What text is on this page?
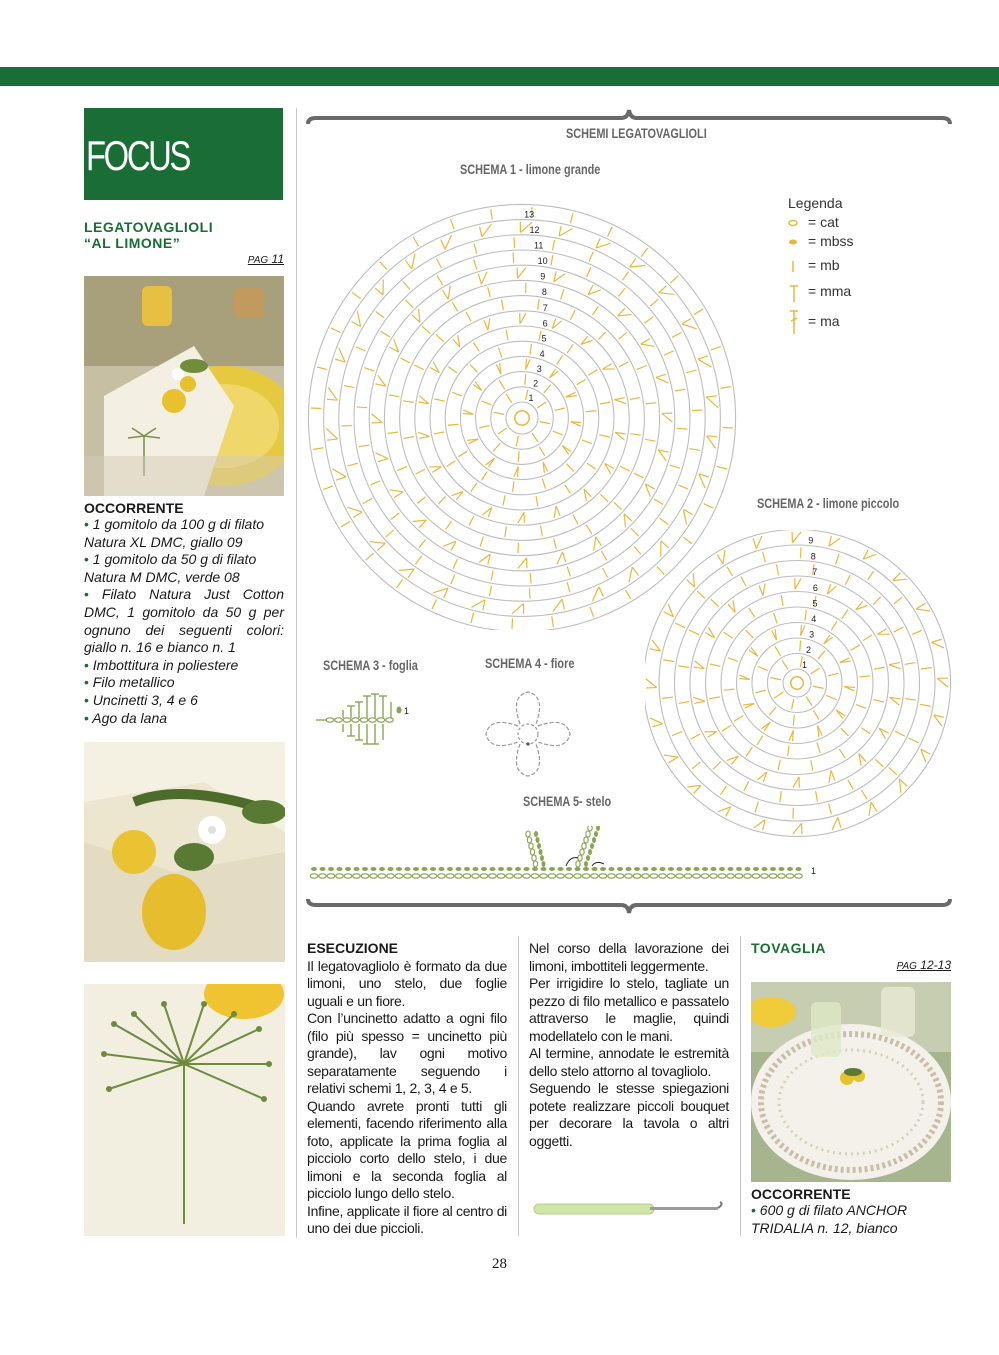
FOCUS
LEGATOVAGLIOLI
“AL LIMONE”
PAG 11
OCCORRENTE
• 1 gomitolo da 100 g di filato Natura XL DMC, giallo 09
• 1 gomitolo da 50 g di filato Natura M DMC, verde 08
• Filato Natura Just Cotton DMC, 1 gomitolo da 50 g per ognuno dei seguenti colori: giallo n. 16 e bianco n. 1
• Imbottitura in poliestere
• Filo metallico
• Uncinetti 3, 4 e 6
• Ago da lana
SCHEMI LEGATOVAGLIOLI
SCHEMA 1 - limone grande
SCHEMA 2 - limone piccolo
SCHEMA 3 - foglia	SCHEMA 4 - fiore
SCHEMA 5- stelo
1
2
3
4
5
6
7
8
9
10
11
12
13
1
2
3
4
5
6
7
8
9
Legenda
= cat
= mbss
= mb
= mma
= ma
1
1
ESECUZIONE
Il legatovagliolo è formato da due limoni, uno stelo, due foglie uguali e un fiore.
Con l’uncinetto adatto a ogni filo (filo più spesso = uncinetto più grande), lav ogni motivo separatamente seguendo i relativi schemi 1, 2, 3, 4 e 5.
Quando avrete pronti tutti gli elementi, facendo riferimento alla foto, applicate la prima foglia al picciolo corto dello stelo, i due limoni e la seconda foglia al picciolo lungo dello stelo.
Infine, applicate il fiore al centro di uno dei due piccioli.
Nel corso della lavorazione dei limoni, imbottiteli leggermente.
Per irrigidire lo stelo, tagliate un pezzo di filo metallico e passatelo attraverso le maglie, quindi modellatelo con le mani.
Al termine, annodate le estremità dello stelo attorno al tovagliolo.
Seguendo le stesse spiegazioni potete realizzare piccoli bouquet per decorare la tavola o altri oggetti.
TOVAGLIA
PAG 12-13
OCCORRENTE
• 600 g di filato ANCHOR TRIDALIA n. 12, bianco
28
